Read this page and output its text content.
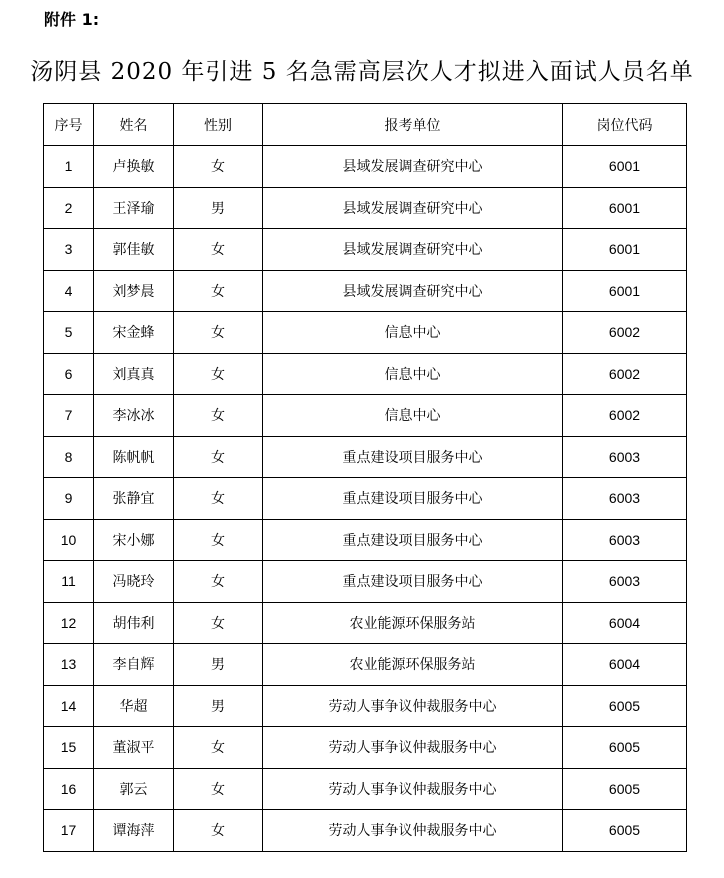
附件 1:
汤阴县 2020 年引进 5 名急需高层次人才拟进入面试人员名单
序号	姓名	性别	报考单位	岗位代码
1	卢换敏	女	县域发展调查研究中心	6001
2	王泽瑜	男	县域发展调查研究中心	6001
3	郭佳敏	女	县域发展调查研究中心	6001
4	刘梦晨	女	县域发展调查研究中心	6001
5	宋金蜂	女	信息中心	6002
6	刘真真	女	信息中心	6002
7	李冰冰	女	信息中心	6002
8	陈帆帆	女	重点建设项目服务中心	6003
9	张静宜	女	重点建设项目服务中心	6003
10	宋小娜	女	重点建设项目服务中心	6003
11	冯晓玲	女	重点建设项目服务中心	6003
12	胡伟利	女	农业能源环保服务站	6004
13	李自辉	男	农业能源环保服务站	6004
14	华超	男	劳动人事争议仲裁服务中心	6005
15	董淑平	女	劳动人事争议仲裁服务中心	6005
16	郭云	女	劳动人事争议仲裁服务中心	6005
17	谭海萍	女	劳动人事争议仲裁服务中心	6005
